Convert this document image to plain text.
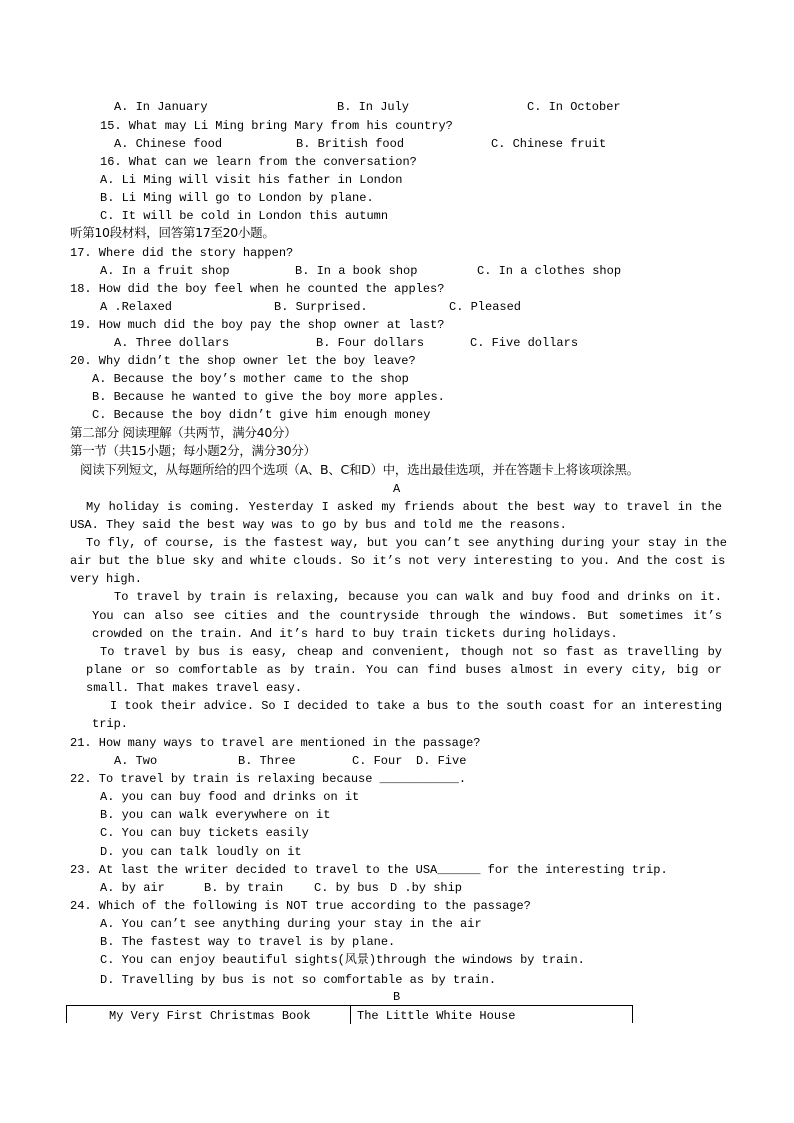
A. In January	B. In July	C. In October
15. What may Li Ming bring Mary from his country?
A. Chinese food	B. British food	C. Chinese fruit
16. What can we learn from the conversation?
A. Li Ming will visit his father in London
B. Li Ming will go to London by plane.
C. It will be cold in London this autumn
听第10段材料，回答第17至20小题。
17. Where did the story happen?
A. In a fruit shop	B. In a book shop	C. In a clothes shop
18. How did the boy feel when he counted the apples?
A .Relaxed	B. Surprised.	C. Pleased
19. How much did the boy pay the shop owner at last?
A. Three dollars	B. Four dollars	C. Five dollars
20. Why didn’t the shop owner let the boy leave?
A. Because the boy’s mother came to the shop
B. Because he wanted to give the boy more apples.
C. Because the boy didn’t give him enough money
第二部分 阅读理解（共两节，满分40分）
第一节（共15小题；每小题2分，满分30分）
阅读下列短文，从每题所给的四个选项（A、B、C和D）中，选出最佳选项，并在答题卡上将该项涂黑。
A
My holiday is coming. Yesterday I asked my friends about the best way to travel in the
USA. They said the best way was to go by bus and told me the reasons.
To fly, of course, is the fastest way, but you can’t see anything during your stay in the
air but the blue sky and white clouds. So it’s not very interesting to you. And the cost is
very high.
To travel by train is relaxing, because you can walk and buy food and drinks on it.
You can also see cities and the countryside through the windows. But sometimes it’s
crowded on the train. And it’s hard to buy train tickets during holidays.
To travel by bus is easy, cheap and convenient, though not so fast as travelling by
plane or so comfortable as by train. You can find buses almost in every city, big or
small. That makes travel easy.
I took their advice. So I decided to take a bus to the south coast for an interesting
trip.
21. How many ways to travel are mentioned in the passage?
A. Two	B. Three	C. Four D. Five
22. To travel by train is relaxing because ___________.
A. you can buy food and drinks on it
B. you can walk everywhere on it
C. You can buy tickets easily
D. you can talk loudly on it
23. At last the writer decided to travel to the USA______ for the interesting trip.
A. by air	B. by train	C. by bus D .by ship
24. Which of the following is NOT true according to the passage?
A. You can’t see anything during your stay in the air
B. The fastest way to travel is by plane.
C. You can enjoy beautiful sights(风景)through the windows by train.
D. Travelling by bus is not so comfortable as by train.
B
My Very First Christmas Book	The Little White House
